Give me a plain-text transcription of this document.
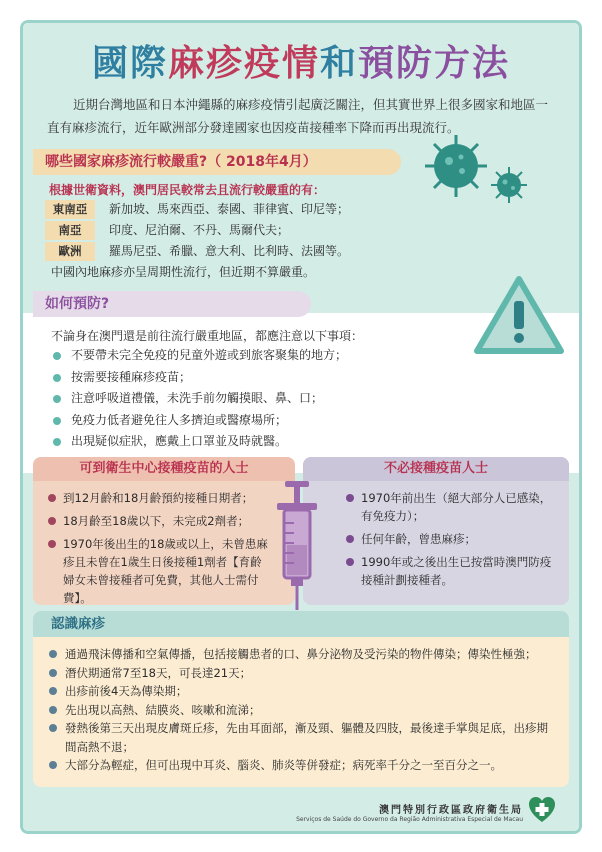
國際麻疹疫情和預防方法

近期台灣地區和日本沖繩縣的麻疹疫情引起廣泛關注，但其實世界上很多國家和地區一直有麻疹流行，近年歐洲部分發達國家也因疫苗接種率下降而再出現流行。

哪些國家麻疹流行較嚴重?（ 2018年4月）
根據世衛資料，澳門居民較常去且流行較嚴重的有：
東南亞	新加坡、馬來西亞、泰國、菲律賓、印尼等；
南亞	印度、尼泊爾、不丹、馬爾代夫；
歐洲	羅馬尼亞、希臘、意大利、比利時、法國等。
中國內地麻疹亦呈周期性流行，但近期不算嚴重。
如何預防?
不論身在澳門還是前往流行嚴重地區，都應注意以下事項：
不要帶未完全免疫的兒童外遊或到旅客聚集的地方；
按需要接種麻疹疫苗；
注意呼吸道禮儀，未洗手前勿觸摸眼、鼻、口；
免疫力低者避免往人多擠迫或醫療場所；
出現疑似症狀，應戴上口罩並及時就醫。
可到衛生中心接種疫苗的人士
到12月齡和18月齡預約接種日期者；
18月齡至18歲以下，未完成2劑者；
1970年後出生的18歲或以上，未曾患麻疹且未曾在1歲生日後接種1劑者【育齡婦女未曾接種者可免費，其他人士需付費】。
不必接種疫苗人士
1970年前出生（絕大部分人已感染，有免疫力）；
任何年齡，曾患麻疹；
1990年或之後出生已按當時澳門防疫接種計劃接種者。
認識麻疹
通過飛沫傳播和空氣傳播，包括接觸患者的口、鼻分泌物及受污染的物件傳染；傳染性極強；
潛伏期通常7至18天，可長達21天；
出疹前後4天為傳染期；
先出現以高熱、結膜炎、咳嗽和流涕；
發熱後第三天出現皮膚斑丘疹，先由耳面部，漸及頸、軀體及四肢，最後達手掌與足底，出疹期間高熱不退；
大部分為輕症，但可出現中耳炎、腦炎、肺炎等併發症；病死率千分之一至百分之一。
澳門特別行政區政府衛生局
Serviços de Saúde do Governo da Região Administrativa Especial de Macau
